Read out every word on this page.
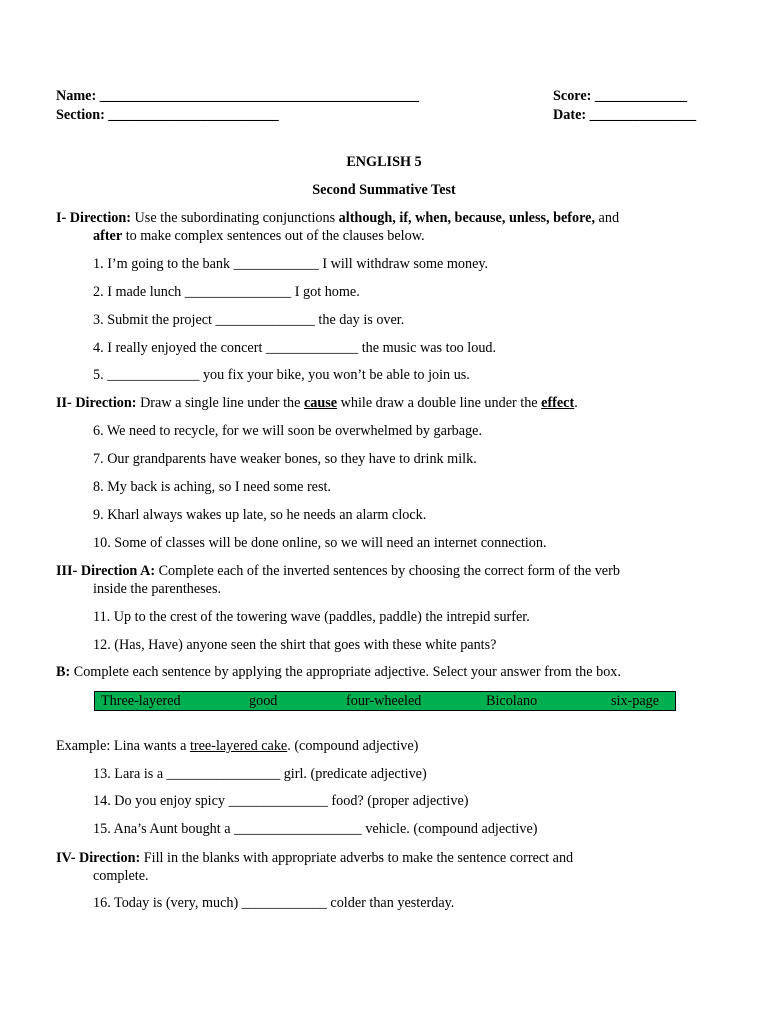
Name: _____________________________________________
Section: ________________________
Score: _____________
Date: _______________
ENGLISH 5
Second Summative Test
I- Direction: Use the subordinating conjunctions although, if, when, because, unless, before, and
after to make complex sentences out of the clauses below.
1. I’m going to the bank ____________ I will withdraw some money.
2. I made lunch _______________ I got home.
3. Submit the project ______________ the day is over.
4. I really enjoyed the concert _____________ the music was too loud.
5. _____________ you fix your bike, you won’t be able to join us.
II- Direction: Draw a single line under the cause while draw a double line under the effect.
6. We need to recycle, for we will soon be overwhelmed by garbage.
7. Our grandparents have weaker bones, so they have to drink milk.
8. My back is aching, so I need some rest.
9. Kharl always wakes up late, so he needs an alarm clock.
10. Some of classes will be done online, so we will need an internet connection.
III- Direction A: Complete each of the inverted sentences by choosing the correct form of the verb
inside the parentheses.
11. Up to the crest of the towering wave (paddles, paddle) the intrepid surfer.
12. (Has, Have) anyone seen the shirt that goes with these white pants?
B: Complete each sentence by applying the appropriate adjective. Select your answer from the box.
Three-layered	good	four-wheeled	Bicolano	six-page
Example: Lina wants a tree-layered cake. (compound adjective)
13. Lara is a ________________ girl. (predicate adjective)
14. Do you enjoy spicy ______________ food? (proper adjective)
15. Ana’s Aunt bought a __________________ vehicle. (compound adjective)
IV- Direction: Fill in the blanks with appropriate adverbs to make the sentence correct and
complete.
16. Today is (very, much) ____________ colder than yesterday.
